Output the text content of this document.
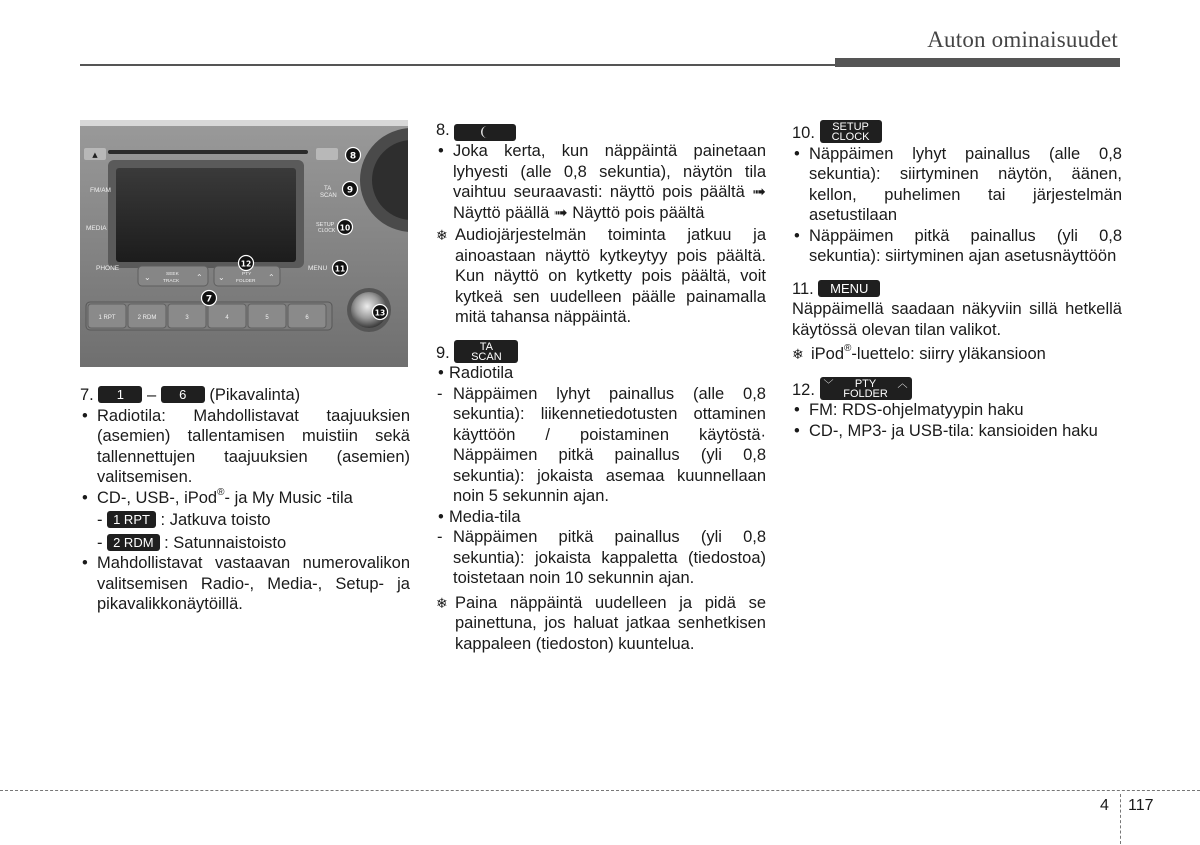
Auton ominaisuudet
▲
FM/AM
MEDIA
PHONE
TA
SCAN
SETUP
CLOCK
MENU
⌄	⌃ ⌄	⌃
SEEK
TRACK
PTY
FOLDER
1 RPT	2 RDM	3	4	5	6
8
9
10
11
12
7
13

7. 1 – 6 (Pikavalinta)

• Radiotila: Mahdollistavat taajuuksien (asemien) tallentamisen muistiin sekä tallennettujen taajuuksien (asemien) valitsemisen.

• CD-, USB-, iPod®- ja My Music -tila

- 1 RPT : Jatkuva toisto

- 2 RDM : Satunnaistoisto

• Mahdollistavat vastaavan numerovalikon valitsemisen Radio-, Media-, Setup- ja pikavalikkonäytöillä.

8.

• Joka kerta, kun näppäintä painetaan lyhyesti (alle 0,8 sekuntia), näytön tila vaihtuu seuraavasti: näyttö pois päältä ➟ Näyttö päällä ➟ Näyttö pois päältä

❄ Audiojärjestelmän toiminta jatkuu ja ainoastaan näyttö kytkeytyy pois päältä. Kun näyttö on kytketty pois päältä, voit kytkeä sen uudelleen päälle painamalla mitä tahansa näppäintä.

9.	TA
SCAN

• Radiotila

- Näppäimen lyhyt painallus (alle 0,8 sekuntia): liikennetiedotusten ottaminen käyttöön / poistaminen käytöstä· Näppäimen pitkä painallus (yli 0,8 sekuntia): jokaista asemaa kuunnellaan noin 5 sekunnin ajan.

• Media-tila

- Näppäimen pitkä painallus (yli 0,8 sekuntia): jokaista kappaletta (tiedostoa) toistetaan noin 10 sekunnin ajan.

❄ Paina näppäintä uudelleen ja pidä se painettuna, jos haluat jatkaa senhetkisen kappaleen (tiedoston) kuuntelua.

10. SETUP
CLOCK

• Näppäimen lyhyt painallus (alle 0,8 sekuntia): siirtyminen näytön, äänen, kellon, puhelimen tai järjestelmän asetustilaan

• Näppäimen pitkä painallus (yli 0,8 sekuntia): siirtyminen ajan asetusnäyttöön

11. MENU

Näppäimellä saadaan näkyviin sillä hetkellä käytössä olevan tilan valikot.

❄ iPod®-luettelo: siirry yläkansioon

12. ﹀ PTY
FOLDER
︿

• FM: RDS-ohjelmatyypin haku

• CD-, MP3- ja USB-tila: kansioiden haku

4 117
